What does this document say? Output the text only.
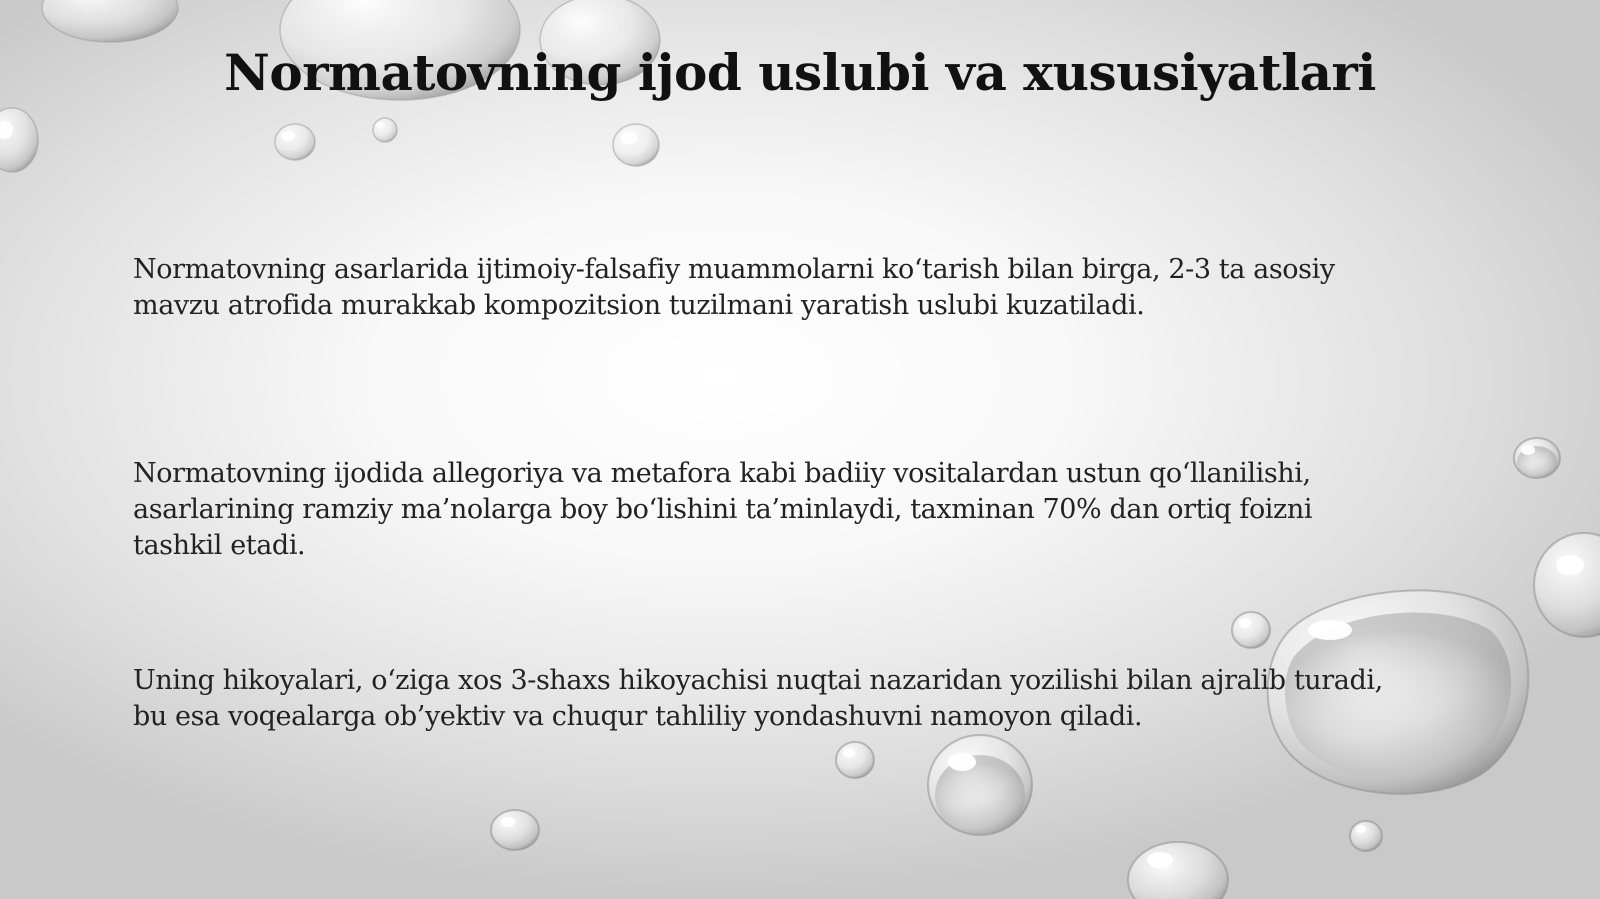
Normatovning ijod uslubi va xususiyatlari

Normatovning asarlarida ijtimoiy-falsafiy muammolarni ko‘tarish bilan birga, 2-3 ta asosiy
mavzu atrofida murakkab kompozitsion tuzilmani yaratish uslubi kuzatiladi.

Normatovning ijodida allegoriya va metafora kabi badiiy vositalardan ustun qo‘llanilishi,
asarlarining ramziy ma’nolarga boy bo‘lishini ta’minlaydi, taxminan 70% dan ortiq foizni
tashkil etadi.

Uning hikoyalari, o‘ziga xos 3-shaxs hikoyachisi nuqtai nazaridan yozilishi bilan ajralib turadi,
bu esa voqealarga ob’yektiv va chuqur tahliliy yondashuvni namoyon qiladi.
